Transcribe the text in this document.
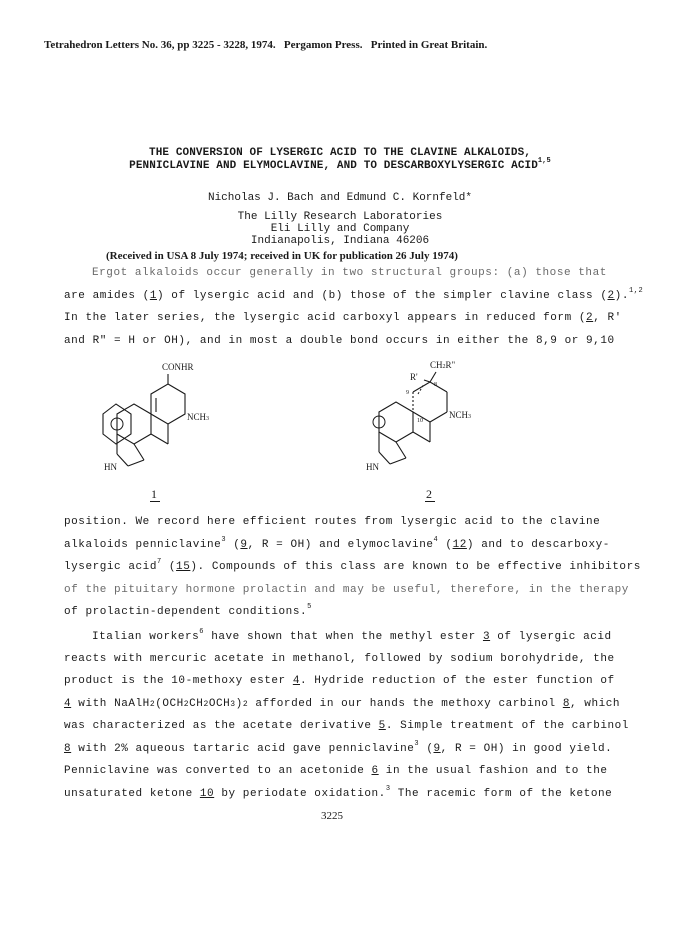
Tetrahedron Letters No. 36, pp 3225 - 3228, 1974. Pergamon Press. Printed in Great Britain.
THE CONVERSION OF LYSERGIC ACID TO THE CLAVINE ALKALOIDS,
PENNICLAVINE AND ELYMOCLAVINE, AND TO DESCARBOXYLYSERGIC ACID$^{1,5}$
Nicholas J. Bach and Edmund C. Kornfeld*
The Lilly Research Laboratories
Eli Lilly and Company
Indianapolis, Indiana 46206
(Received in USA 8 July 1974; received in UK for publication 26 July 1974)
Ergot alkaloids occur generally in two structural groups: (a) those that
are amides (1) of lysergic acid and (b) those of the simpler clavine class (2).$^{1,2}$
In the later series, the lysergic acid carboxyl appears in reduced form (2, R'
and R" = H or OH), and in most a double bond occurs in either the 8,9 or 9,10
CONHR
NCH3
HN
CH2R"
R'
8
9
10
NCH3
HN
1	2
position. We record here efficient routes from lysergic acid to the clavine
alkaloids penniclavine$^3$ (9, R = OH) and elymoclavine$^4$ (12) and to descarboxy-
lysergic acid$^7$ (15). Compounds of this class are known to be effective inhibitors
of the pituitary hormone prolactin and may be useful, therefore, in the therapy
of prolactin-dependent conditions.$^5$
Italian workers$^6$ have shown that when the methyl ester 3 of lysergic acid
reacts with mercuric acetate in methanol, followed by sodium borohydride, the
product is the 10-methoxy ester 4. Hydride reduction of the ester function of
4 with NaAlH2(OCH2CH2OCH3)2 afforded in our hands the methoxy carbinol 8, which
was characterized as the acetate derivative 5. Simple treatment of the carbinol
8 with 2% aqueous tartaric acid gave penniclavine$^3$ (9, R = OH) in good yield.
Penniclavine was converted to an acetonide 6 in the usual fashion and to the
unsaturated ketone 10 by periodate oxidation.$^3$ The racemic form of the ketone
3225
